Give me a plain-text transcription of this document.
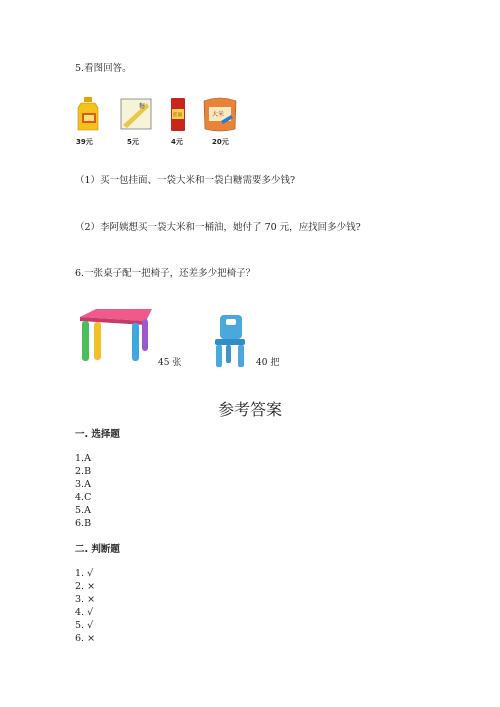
5.看图回答。
39元
糖
5元
挂面
4元
大米
20元
（1）买一包挂面、一袋大米和一袋白糖需要多少钱?
（2）李阿姨想买一袋大米和一桶油，她付了 70 元，应找回多少钱?
6.一张桌子配一把椅子，还差多少把椅子？
45 张	40 把
参考答案
一. 选择题
1.A
2.B
3.A
4.C
5.A
6.B
二. 判断题
1. √
2. ×
3. ×
4. √
5. √
6. ×
